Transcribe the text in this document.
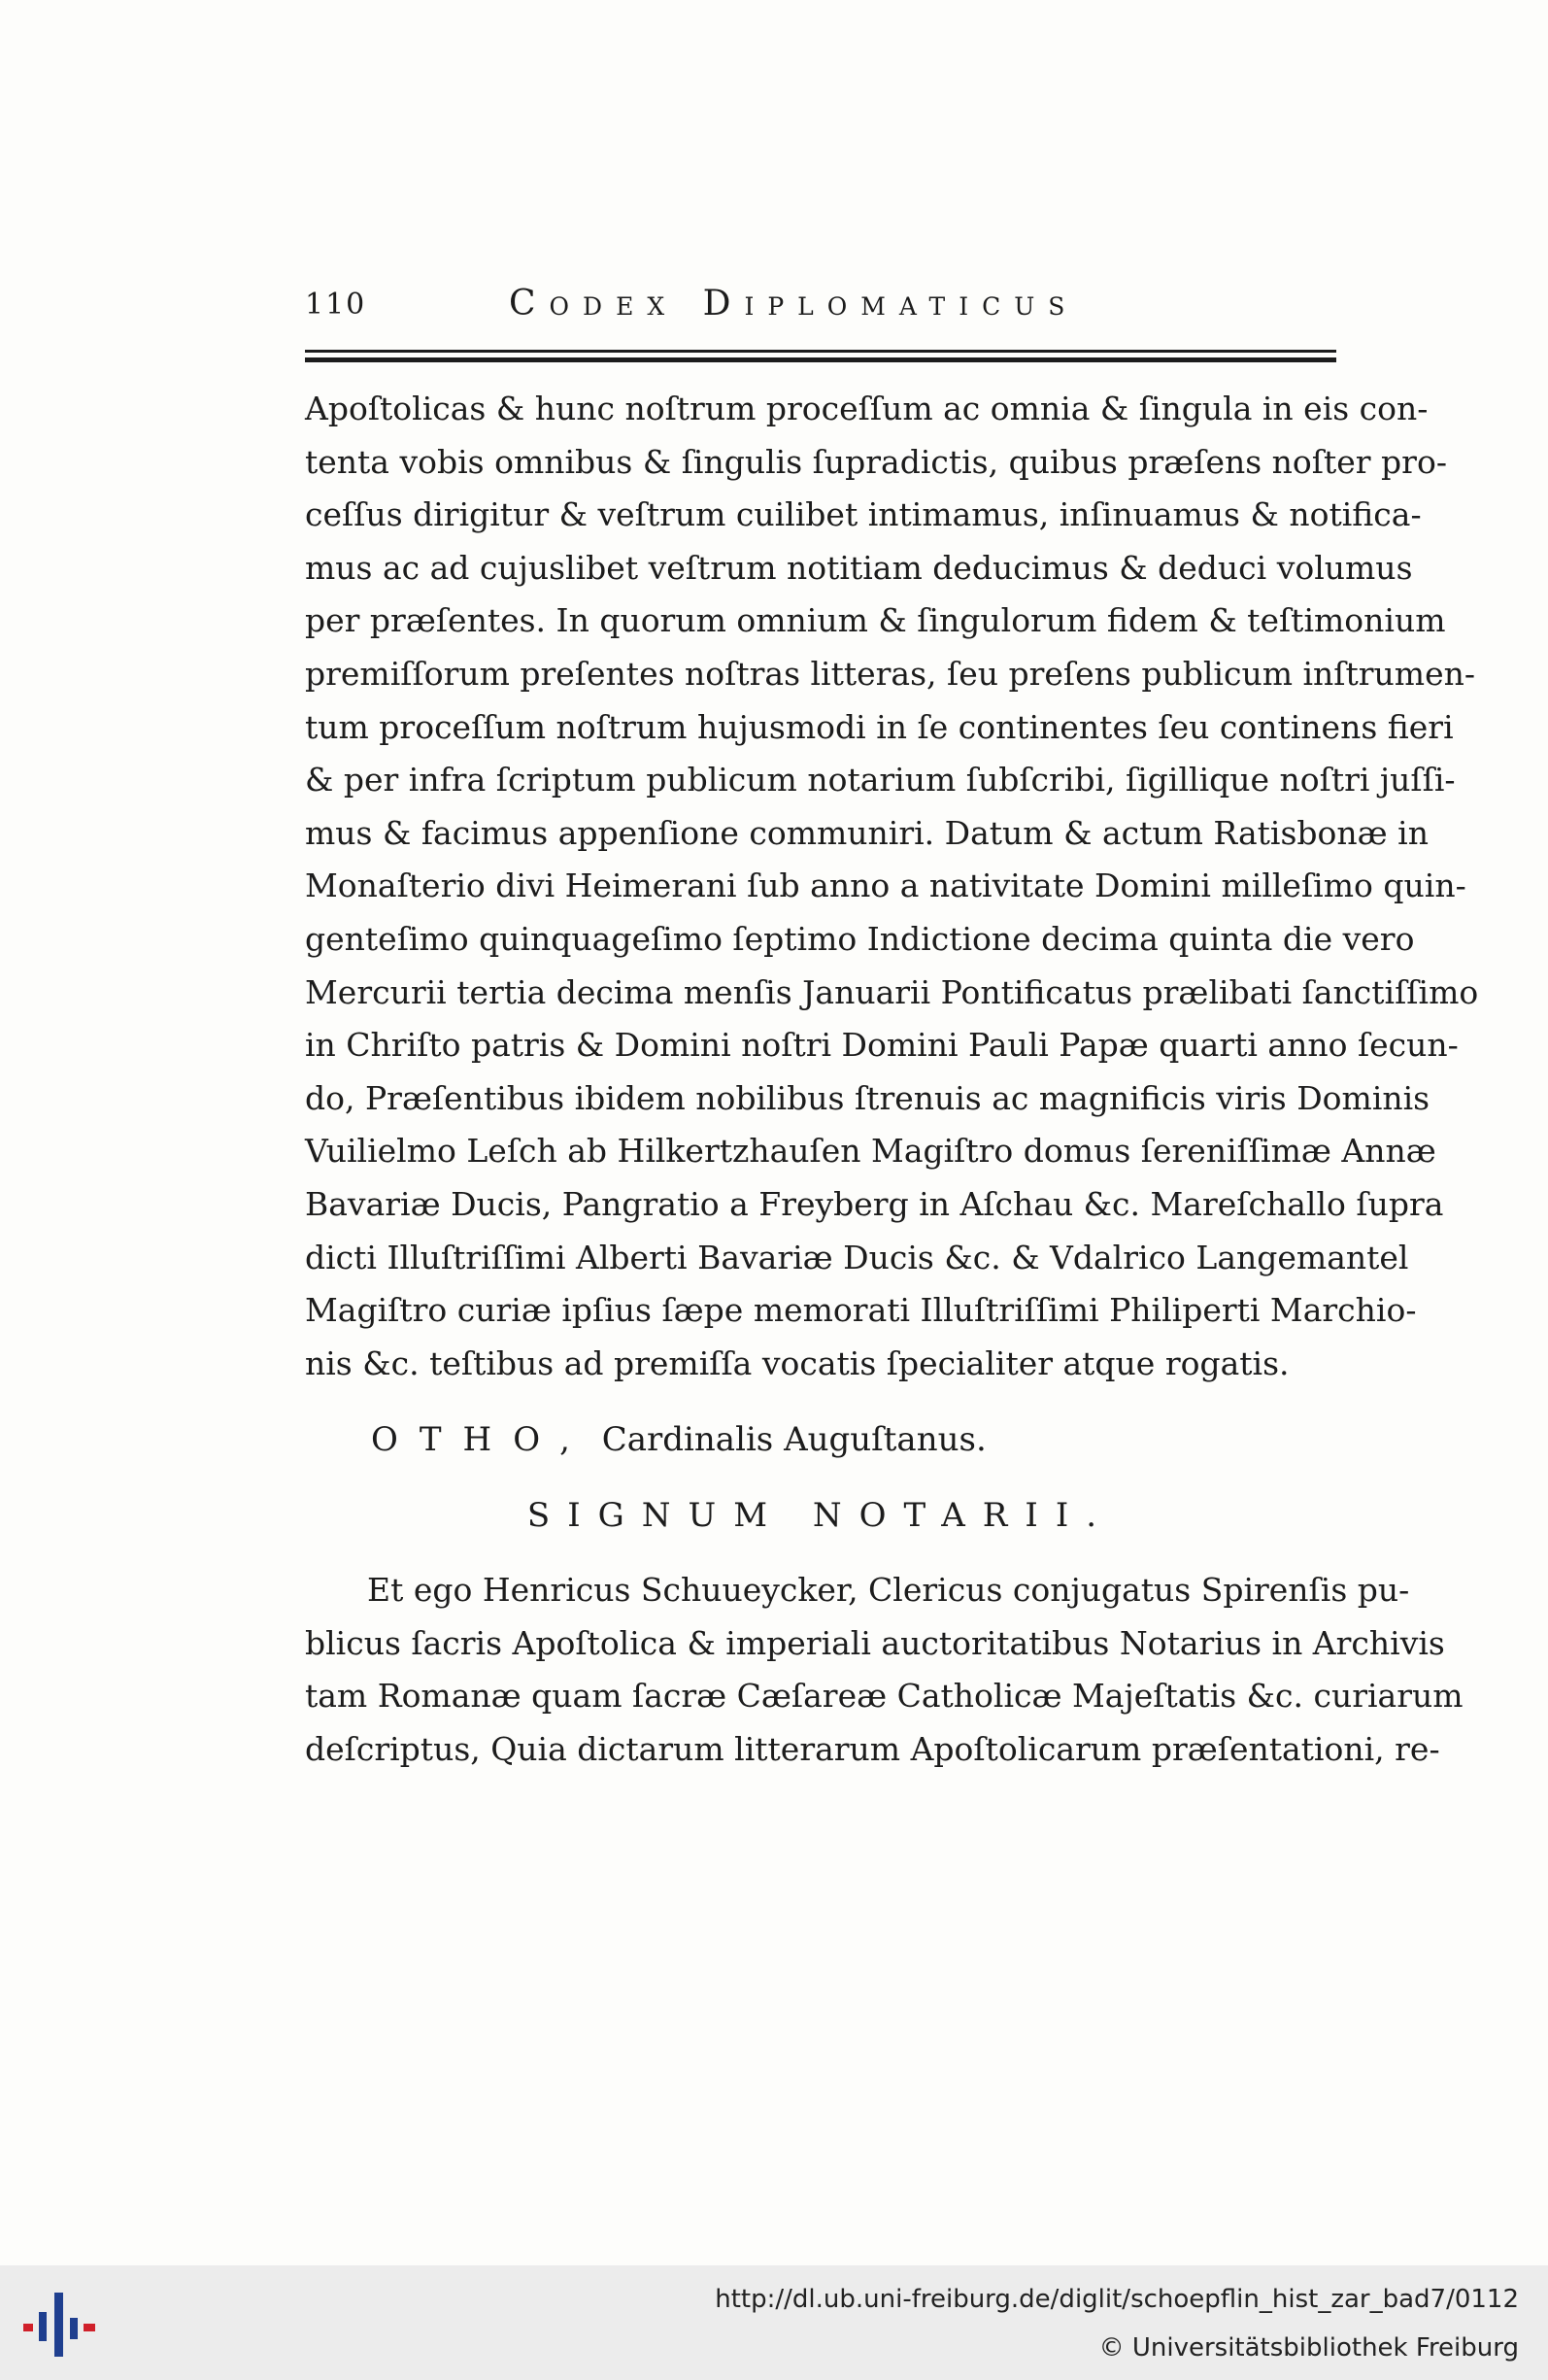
110	Codex Diplomaticus
Apoſtolicas & hunc noſtrum proceſſum ac omnia & ſingula in eis con-
tenta vobis omnibus & ſingulis ſupradictis, quibus præſens noſter pro-
ceſſus dirigitur & veſtrum cuilibet intimamus, inſinuamus & notifica-
mus ac ad cujuslibet veſtrum notitiam deducimus & deduci volumus
per præſentes. In quorum omnium & ſingulorum fidem & teſtimonium
premiſſorum preſentes noſtras litteras, ſeu preſens publicum inſtrumen-
tum proceſſum noſtrum hujusmodi in ſe continentes ſeu continens fieri
& per infra ſcriptum publicum notarium ſubſcribi, ſigillique noſtri juſſi-
mus & facimus appenſione communiri. Datum & actum Ratisbonæ in
Monaſterio divi Heimerani ſub anno a nativitate Domini milleſimo quin-
genteſimo quinquageſimo ſeptimo Indictione decima quinta die vero
Mercurii tertia decima menſis Januarii Pontificatus prælibati ſanctiſſimo
in Chriſto patris & Domini noſtri Domini Pauli Papæ quarti anno ſecun-
do, Præſentibus ibidem nobilibus ſtrenuis ac magnificis viris Dominis
Vuilielmo Leſch ab Hilkertzhauſen Magiſtro domus ſereniſſimæ Annæ
Bavariæ Ducis, Pangratio a Freyberg in Aſchau &c. Mareſchallo ſupra
dicti Illuſtriſſimi Alberti Bavariæ Ducis &c. & Vdalrico Langemantel
Magiſtro curiæ ipſius ſæpe memorati Illuſtriſſimi Philiperti Marchio-
nis &c. teſtibus ad premiſſa vocatis ſpecialiter atque rogatis.
OTHO, Cardinalis Auguſtanus.
SIGNUM NOTARII.
Et ego Henricus Schuueycker, Clericus conjugatus Spirenſis pu-
blicus ſacris Apoſtolica & imperiali auctoritatibus Notarius in Archivis
tam Romanæ quam ſacræ Cæſareæ Catholicæ Majeſtatis &c. curiarum
deſcriptus, Quia dictarum litterarum Apoſtolicarum præſentationi, re-
http://dl.ub.uni-freiburg.de/diglit/schoepflin_hist_zar_bad7/0112
© Universitätsbibliothek Freiburg
